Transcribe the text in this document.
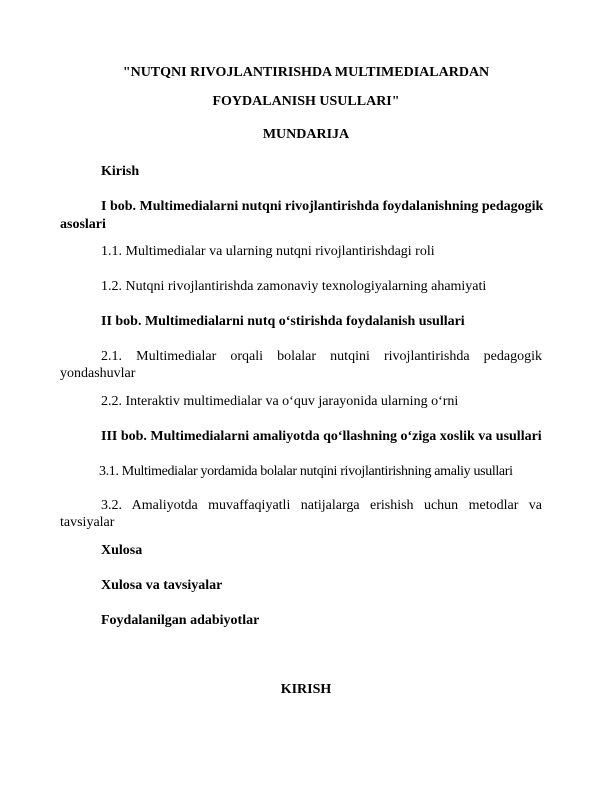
"NUTQNI RIVOJLANTIRISHDA MULTIMEDIALARDAN
FOYDALANISH USULLARI"
MUNDARIJA
Kirish
I bob. Multimedialarni nutqni rivojlantirishda foydalanishning pedagogik
asoslari
1.1. Multimedialar va ularning nutqni rivojlantirishdagi roli
1.2. Nutqni rivojlantirishda zamonaviy texnologiyalarning ahamiyati
II bob. Multimedialarni nutq o‘stirishda foydalanish usullari
2.1. Multimedialar orqali bolalar nutqini rivojlantirishda pedagogik
yondashuvlar
2.2. Interaktiv multimedialar va o‘quv jarayonida ularning o‘rni
III bob. Multimedialarni amaliyotda qo‘llashning o‘ziga xoslik va usullari
3.1. Multimedialar yordamida bolalar nutqini rivojlantirishning amaliy usullari
3.2. Amaliyotda muvaffaqiyatli natijalarga erishish uchun metodlar va
tavsiyalar
Xulosa
Xulosa va tavsiyalar
Foydalanilgan adabiyotlar
KIRISH
